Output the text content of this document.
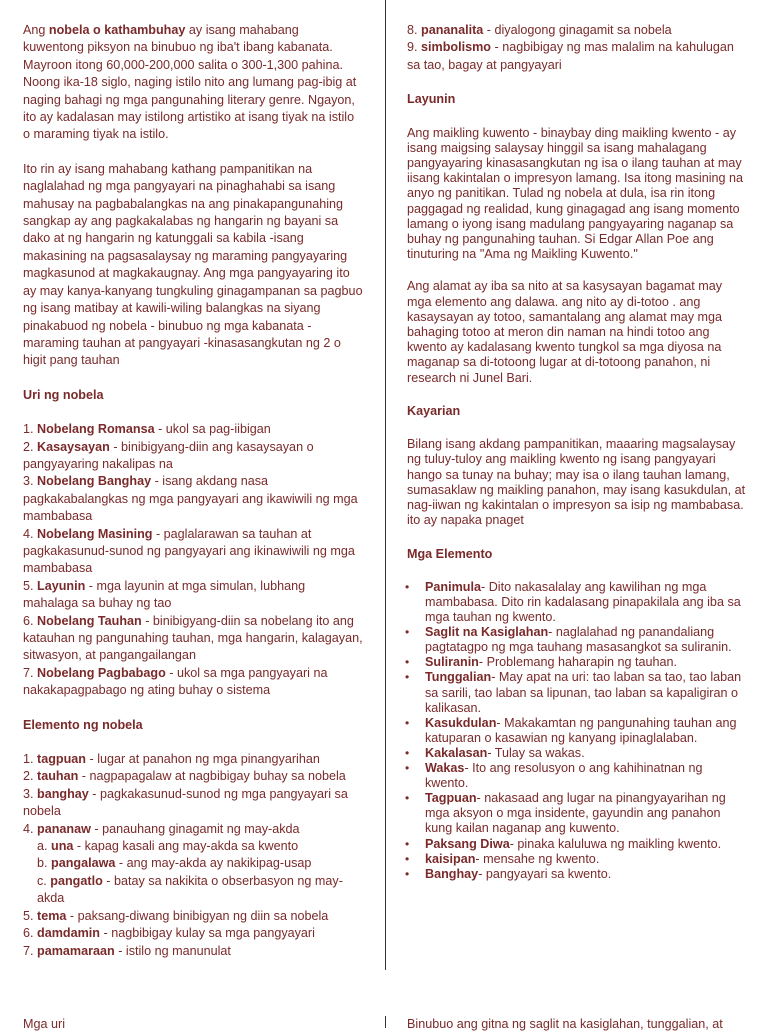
Ang nobela o kathambuhay ay isang mahabang kuwentong piksyon na binubuo ng iba't ibang kabanata. Mayroon itong 60,000-200,000 salita o 300-1,300 pahina. Noong ika-18 siglo, naging istilo nito ang lumang pag-ibig at naging bahagi ng mga pangunahing literary genre. Ngayon, ito ay kadalasan may istilong artistiko at isang tiyak na istilo o maraming tiyak na istilo.

Ito rin ay isang mahabang kathang pampanitikan na naglalahad ng mga pangyayari na pinaghahabi sa isang mahusay na pagbabalangkas na ang pinakapangunahing sangkap ay ang pagkakalabas ng hangarin ng bayani sa dako at ng hangarin ng katunggali sa kabila -isang makasining na pagsasalaysay ng maraming pangyayaring magkasunod at magkakaugnay. Ang mga pangyayaring ito ay may kanya-kanyang tungkuling ginagampanan sa pagbuo ng isang matibay at kawili-wiling balangkas na siyang pinakabuod ng nobela - binubuo ng mga kabanata -maraming tauhan at pangyayari -kinasasangkutan ng 2 o higit pang tauhan

Uri ng nobela

1. Nobelang Romansa - ukol sa pag-iibigan

2. Kasaysayan - binibigyang-diin ang kasaysayan o pangyayaring nakalipas na

3. Nobelang Banghay - isang akdang nasa pagkakabalangkas ng mga pangyayari ang ikawiwili ng mga mambabasa

4. Nobelang Masining - paglalarawan sa tauhan at pagkakasunud-sunod ng pangyayari ang ikinawiwili ng mga mambabasa

5. Layunin - mga layunin at mga simulan, lubhang mahalaga sa buhay ng tao

6. Nobelang Tauhan - binibigyang-diin sa nobelang ito ang katauhan ng pangunahing tauhan, mga hangarin, kalagayan, sitwasyon, at pangangailangan

7. Nobelang Pagbabago - ukol sa mga pangyayari na nakakapagpabago ng ating buhay o sistema

Elemento ng nobela

1. tagpuan - lugar at panahon ng mga pinangyarihan

2. tauhan - nagpapagalaw at nagbibigay buhay sa nobela

3. banghay - pagkakasunud-sunod ng mga pangyayari sa nobela

4. pananaw - panauhang ginagamit ng may-akda

a. una - kapag kasali ang may-akda sa kwento

b. pangalawa - ang may-akda ay nakikipag-usap

c. pangatlo - batay sa nakikita o obserbasyon ng may-akda

5. tema - paksang-diwang binibigyan ng diin sa nobela

6. damdamin - nagbibigay kulay sa mga pangyayari

7. pamamaraan - istilo ng manunulat

8. pananalita - diyalogong ginagamit sa nobela

9. simbolismo - nagbibigay ng mas malalim na kahulugan sa tao, bagay at pangyayari

Layunin

Ang maikling kuwento - binaybay ding maikling kwento - ay isang maigsing salaysay hinggil sa isang mahalagang pangyayaring kinasasangkutan ng isa o ilang tauhan at may iisang kakintalan o impresyon lamang. Isa itong masining na anyo ng panitikan. Tulad ng nobela at dula, isa rin itong paggagad ng realidad, kung ginagagad ang isang momento lamang o iyong isang madulang pangyayaring naganap sa buhay ng pangunahing tauhan. Si Edgar Allan Poe ang tinuturing na "Ama ng Maikling Kuwento."

Ang alamat ay iba sa nito at sa kasysayan bagamat may mga elemento ang dalawa. ang nito ay di-totoo . ang kasaysayan ay totoo, samantalang ang alamat may mga bahaging totoo at meron din naman na hindi totoo ang kwento ay kadalasang kwento tungkol sa mga diyosa na maganap sa di-totoong lugar at di-totoong panahon, ni research ni Junel Bari.

Kayarian

Bilang isang akdang pampanitikan, maaaring magsalaysay ng tuluy-tuloy ang maikling kwento ng isang pangyayari hango sa tunay na buhay; may isa o ilang tauhan lamang, sumasaklaw ng maikling panahon, may isang kasukdulan, at nag-iiwan ng kakintalan o impresyon sa isip ng mambabasa. ito ay napaka pnaget

Mga Elemento
• Panimula- Dito nakasalalay ang kawilihan ng mga mambabasa. Dito rin kadalasang pinapakilala ang iba sa mga tauhan ng kwento.
• Saglit na Kasiglahan- naglalahad ng panandaliang pagtatagpo ng mga tauhang masasangkot sa suliranin.
• Suliranin- Problemang haharapin ng tauhan.
• Tunggalian- May apat na uri: tao laban sa tao, tao laban sa sarili, tao laban sa lipunan, tao laban sa kapaligiran o kalikasan.
• Kasukdulan- Makakamtan ng pangunahing tauhan ang katuparan o kasawian ng kanyang ipinaglalaban.
• Kakalasan- Tulay sa wakas.
• Wakas- Ito ang resolusyon o ang kahihinatnan ng kwento.
• Tagpuan- nakasaad ang lugar na pinangyayarihan ng mga aksyon o mga insidente, gayundin ang panahon kung kailan naganap ang kuwento.
• Paksang Diwa- pinaka kaluluwa ng maikling kwento.
• kaisipan- mensahe ng kwento.
• Banghay- pangyayari sa kwento.
Mga uri	Binubuo ang gitna ng saglit na kasiglahan, tunggalian, at
